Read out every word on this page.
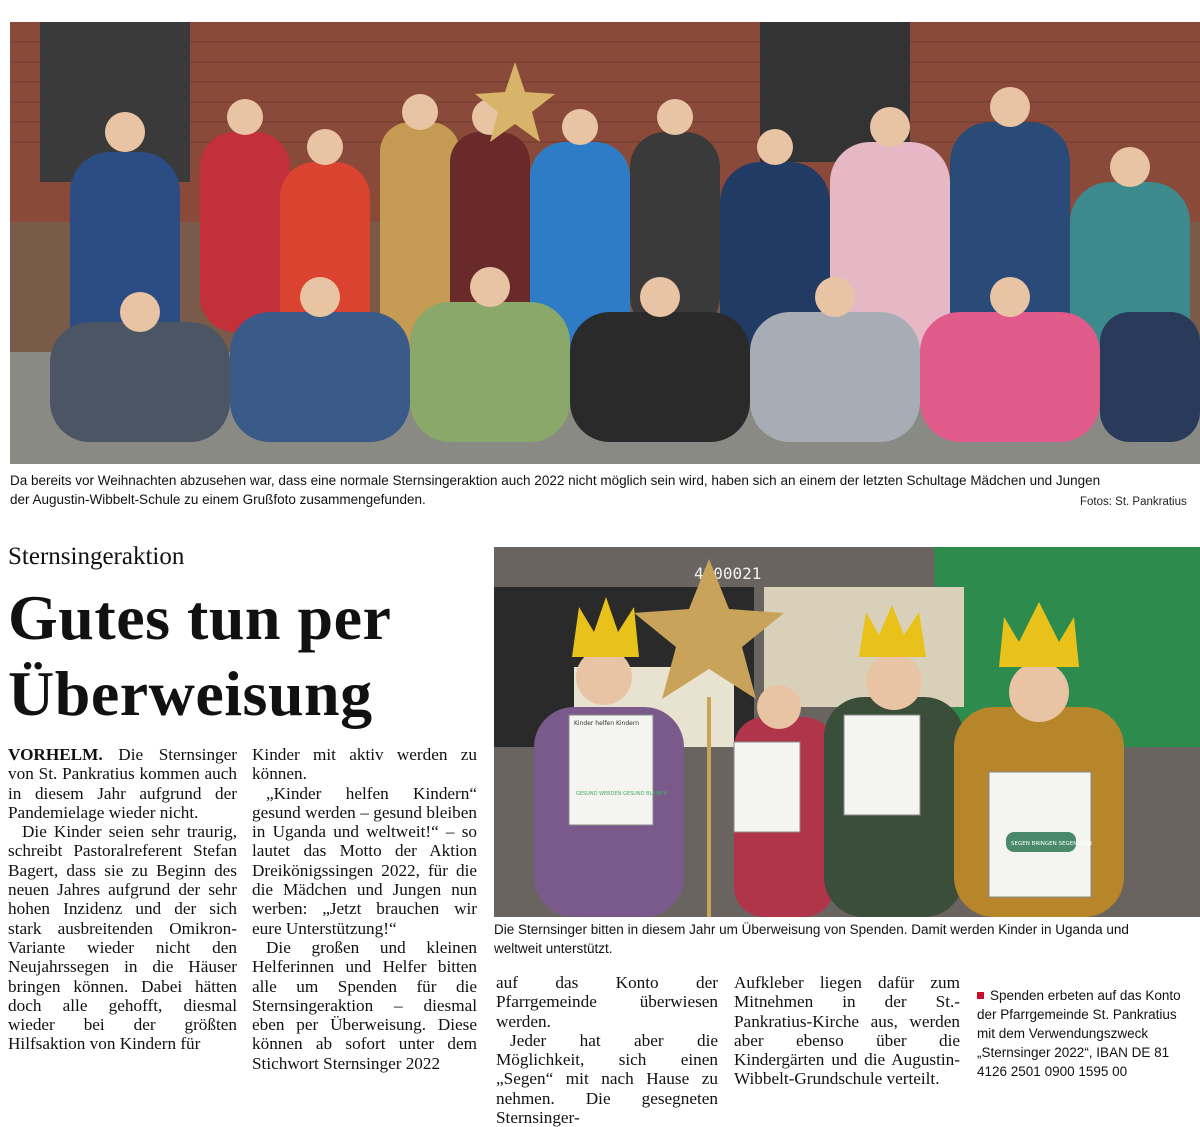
Da bereits vor Weihnachten abzusehen war, dass eine normale Sternsingeraktion auch 2022 nicht möglich sein wird, haben sich an einem der letzten Schultage Mädchen und Jungen
der Augustin-Wibbelt-Schule zu einem Grußfoto zusammengefunden.	Fotos: St. Pankratius
Sternsingeraktion
Gutes tun per
Überweisung
4200021
Kinder helfen Kindern
GESUND WERDEN GESUND BLEIBEN
SEGEN BRINGEN SEGEN SEIN
Die Sternsinger bitten in diesem Jahr um Überweisung von Spenden. Damit werden Kinder in Uganda und
weltweit unterstützt.

VORHELM. Die Sternsinger von St. Pankratius kommen auch in diesem Jahr aufgrund der Pandemielage wieder nicht.

Die Kinder seien sehr traurig, schreibt Pastoralreferent Stefan Bagert, dass sie zu Beginn des neuen Jahres aufgrund der sehr hohen Inzidenz und der sich stark ausbreitenden Omikron-Variante wieder nicht den Neujahrssegen in die Häuser bringen können. Dabei hätten doch alle gehofft, diesmal wieder bei der größten Hilfsaktion von Kindern für

Kinder mit aktiv werden zu können.

„Kinder helfen Kindern“ gesund werden – gesund bleiben in Uganda und weltweit!“ – so lautet das Motto der Aktion Dreikönigssingen 2022, für die die Mädchen und Jungen nun werben: „Jetzt brauchen wir eure Unterstützung!“

Die großen und kleinen Helferinnen und Helfer bitten alle um Spenden für die Sternsingeraktion – diesmal eben per Überweisung. Diese können ab sofort unter dem Stichwort Sternsinger 2022

auf das Konto der Pfarrgemeinde überwiesen werden.

Jeder hat aber die Möglichkeit, sich einen „Segen“ mit nach Hause zu nehmen. Die gesegneten Sternsinger-

Aufkleber liegen dafür zum Mitnehmen in der St.-Pankratius-Kirche aus, werden aber ebenso über die Kindergärten und die Augustin-Wibbelt-Grundschule verteilt.

Spenden erbeten auf das Konto der Pfarrgemeinde St. Pankratius mit dem Verwendungszweck „Sternsinger 2022“, IBAN DE 81 4126 2501 0900 1595 00
